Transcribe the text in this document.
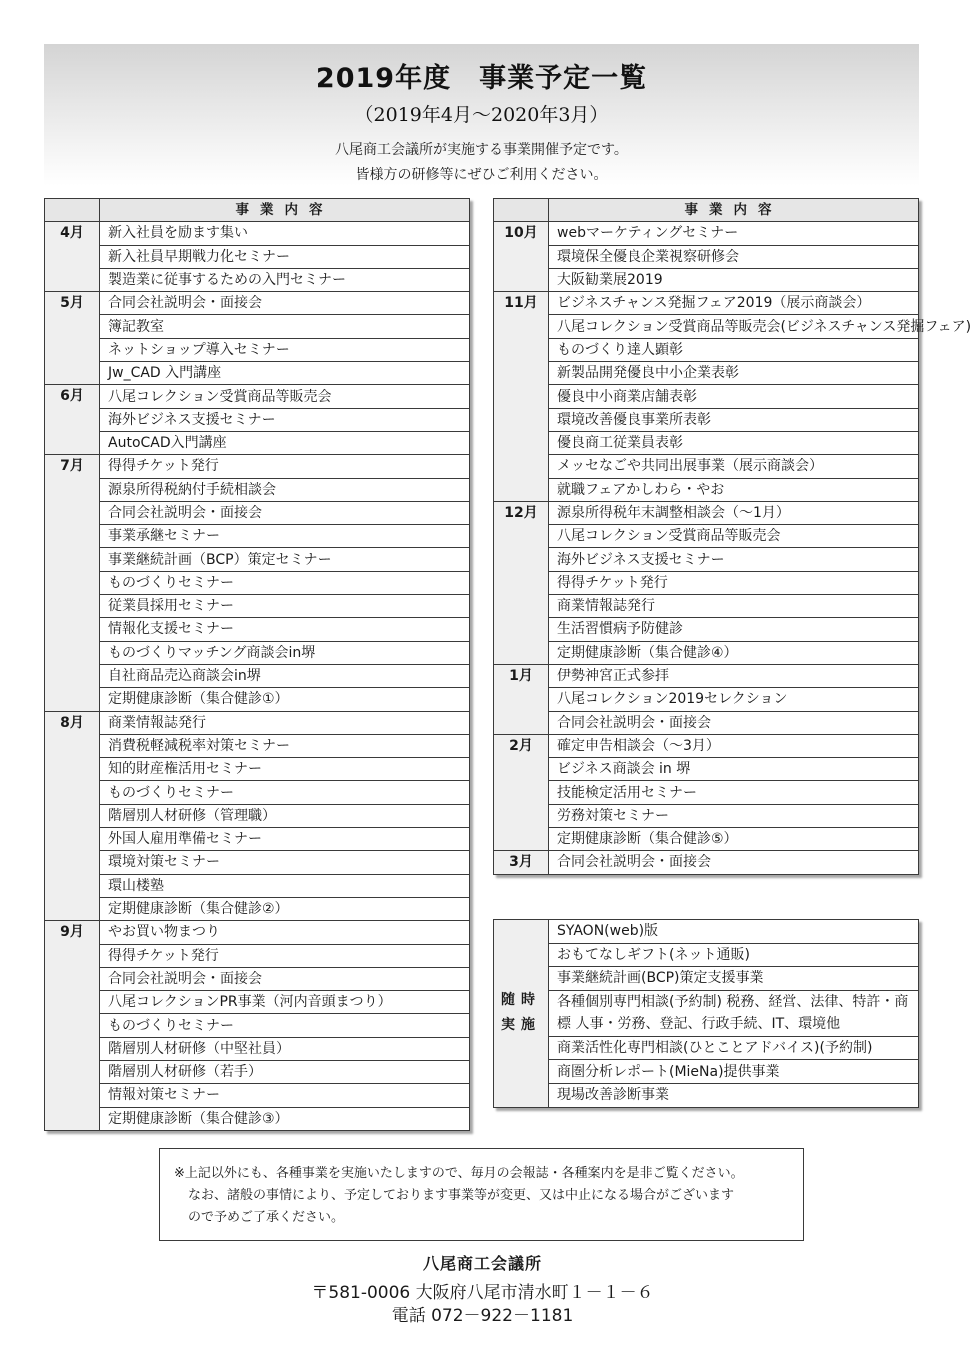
2019年度　事業予定一覧
（2019年4月〜2020年3月）
八尾商工会議所が実施する事業開催予定です。
皆様方の研修等にぜひご利用ください。
	事業内容
4月	新入社員を励ます集い
	新入社員早期戦力化セミナー
	製造業に従事するための入門セミナー
5月	合同会社説明会・面接会
	簿記教室
	ネットショップ導入セミナー
	Jw_CAD 入門講座
6月	八尾コレクション受賞商品等販売会
	海外ビジネス支援セミナー
	AutoCAD入門講座
7月	得得チケット発行
	源泉所得税納付手続相談会
	合同会社説明会・面接会
	事業承継セミナー
	事業継続計画（BCP）策定セミナー
	ものづくりセミナー
	従業員採用セミナー
	情報化支援セミナー
	ものづくりマッチング商談会in堺
	自社商品売込商談会in堺
	定期健康診断（集合健診①）
8月	商業情報誌発行
	消費税軽減税率対策セミナー
	知的財産権活用セミナー
	ものづくりセミナー
	階層別人材研修（管理職）
	外国人雇用準備セミナー
	環境対策セミナー
	環山楼塾
	定期健康診断（集合健診②）
9月	やお買い物まつり
	得得チケット発行
	合同会社説明会・面接会
	八尾コレクションPR事業（河内音頭まつり）
	ものづくりセミナー
	階層別人材研修（中堅社員）
	階層別人材研修（若手）
	情報対策セミナー
	定期健康診断（集合健診③）
	事業内容
10月	webマーケティングセミナー
	環境保全優良企業視察研修会
	大阪勧業展2019
11月	ビジネスチャンス発掘フェア2019（展示商談会）
	八尾コレクション受賞商品等販売会(ビジネスチャンス発掘フェア)
	ものづくり達人顕彰
	新製品開発優良中小企業表彰
	優良中小商業店舗表彰
	環境改善優良事業所表彰
	優良商工従業員表彰
	メッセなごや共同出展事業（展示商談会）
	就職フェアかしわら・やお
12月	源泉所得税年末調整相談会（〜1月）
	八尾コレクション受賞商品等販売会
	海外ビジネス支援セミナー
	得得チケット発行
	商業情報誌発行
	生活習慣病予防健診
	定期健康診断（集合健診④）
1月	伊勢神宮正式参拝
	八尾コレクション2019セレクション
	合同会社説明会・面接会
2月	確定申告相談会（〜3月）
	ビジネス商談会 in 堺
	技能検定活用セミナー
	労務対策セミナー
	定期健康診断（集合健診⑤）
3月	合同会社説明会・面接会
随時
実施
	SYAON(web)版
おもてなしギフト(ネット通販)
事業継続計画(BCP)策定支援事業
各種個別専門相談(予約制) 税務、経営、法律、特許・商標 人事・労務、登記、行政手続、IT、環境他
商業活性化専門相談(ひとことアドバイス)(予約制)
商圏分析レポート(MieNa)提供事業
現場改善診断事業
※上記以外にも、各種事業を実施いたしますので、毎月の会報誌・各種案内を是非ご覧ください。
なお、諸般の事情により、予定しております事業等が変更、又は中止になる場合がございます
ので予めご了承ください。
八尾商工会議所
〒581-0006 大阪府八尾市清水町１－１－６
電話 072－922－1181
